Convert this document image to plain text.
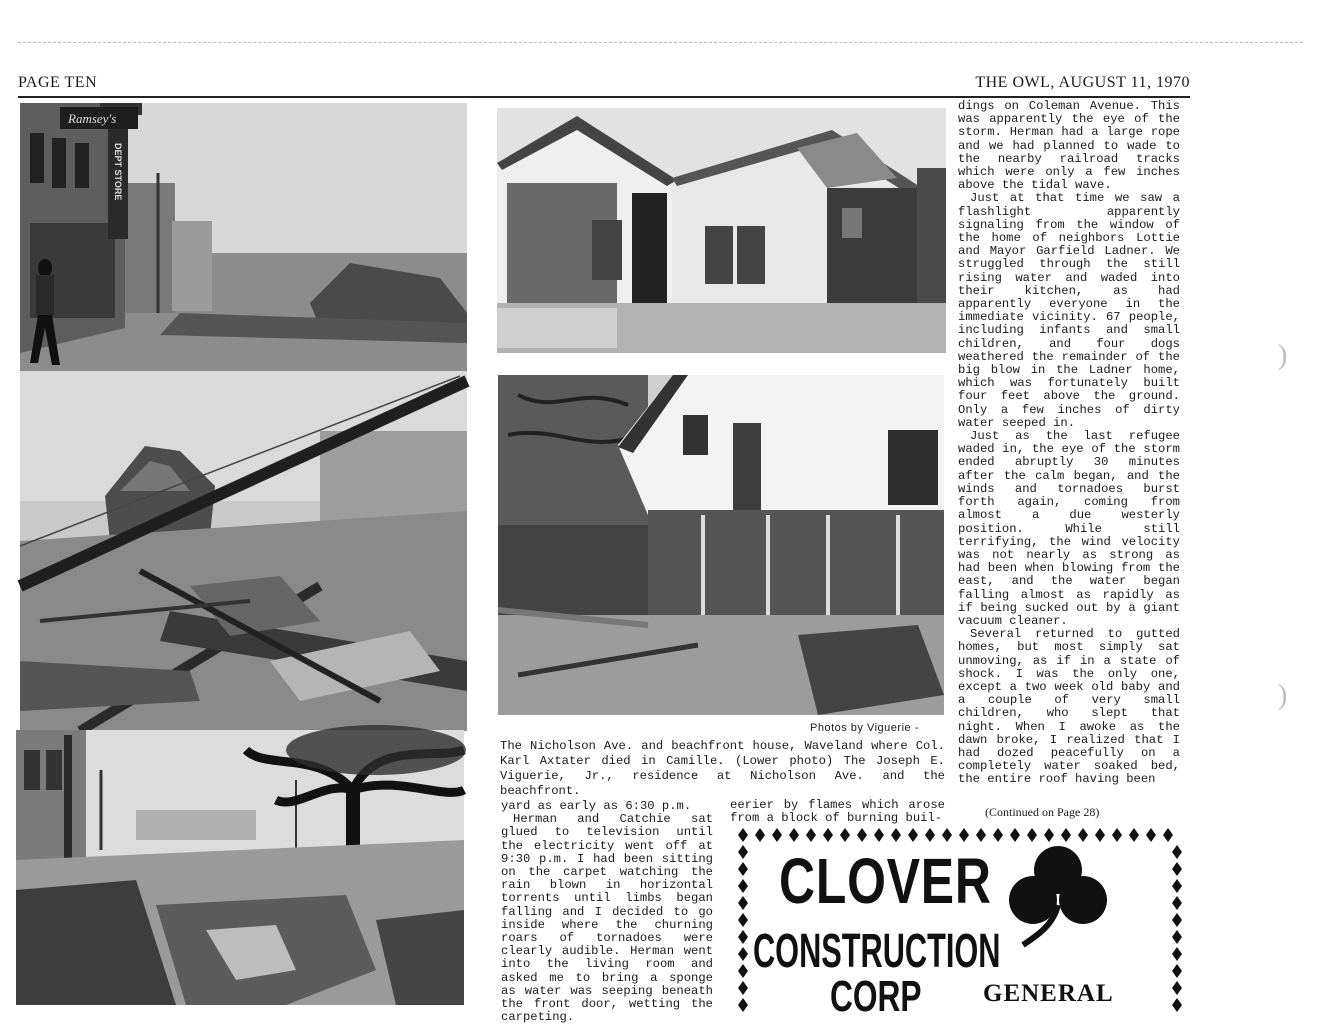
PAGE TEN	THE OWL, AUGUST 11, 1970
Ramsey's
DEPT STORE
Photos by Viguerie -
The Nicholson Ave. and beachfront house, Waveland where Col. Karl Axtater died in Camille. (Lower photo) The Joseph E. Viguerie, Jr., residence at Nicholson Ave. and the beachfront.

dings on Coleman Avenue. This was apparently the eye of the storm. Herman had a large rope and we had planned to wade to the nearby railroad tracks which were only a few inches above the tidal wave.

Just at that time we saw a flashlight apparently signaling from the window of the home of neighbors Lottie and Mayor Garfield Ladner. We struggled through the still rising water and waded into their kitchen, as had apparently everyone in the immediate vicinity. 67 people, including infants and small children, and four dogs weathered the remainder of the big blow in the Ladner home, which was fortunately built four feet above the ground. Only a few inches of dirty water seeped in.

Just as the last refugee waded in, the eye of the storm ended abruptly 30 minutes after the calm began, and the winds and tornadoes burst forth again, coming from almost a due westerly position. While still terrifying, the wind velocity was not nearly as strong as had been when blowing from the east, and the water began falling almost as rapidly as if being sucked out by a giant vacuum cleaner.

Several returned to gutted homes, but most simply sat unmoving, as if in a state of shock. I was the only one, except a two week old baby and a couple of very small children, who slept that night. When I awoke as the dawn broke, I realized that I had dozed peacefully on a completely water soaked bed, the entire roof having been

(Continued on Page 28)

yard as early as 6:30 p.m.

Herman and Catchie sat glued to television until the electricity went off at 9:30 p.m. I had been sitting on the carpet watching the rain blown in horizontal torrents until limbs began falling and I decided to go inside where the churning roars of tornadoes were clearly audible. Herman went into the living room and asked me to bring a sponge as water was seeping beneath the front door, wetting the carpeting.

eerier by flames which arose from a block of burning buil-

CLOVER
CONSTRUCTION
CORP GENERAL
)
)
